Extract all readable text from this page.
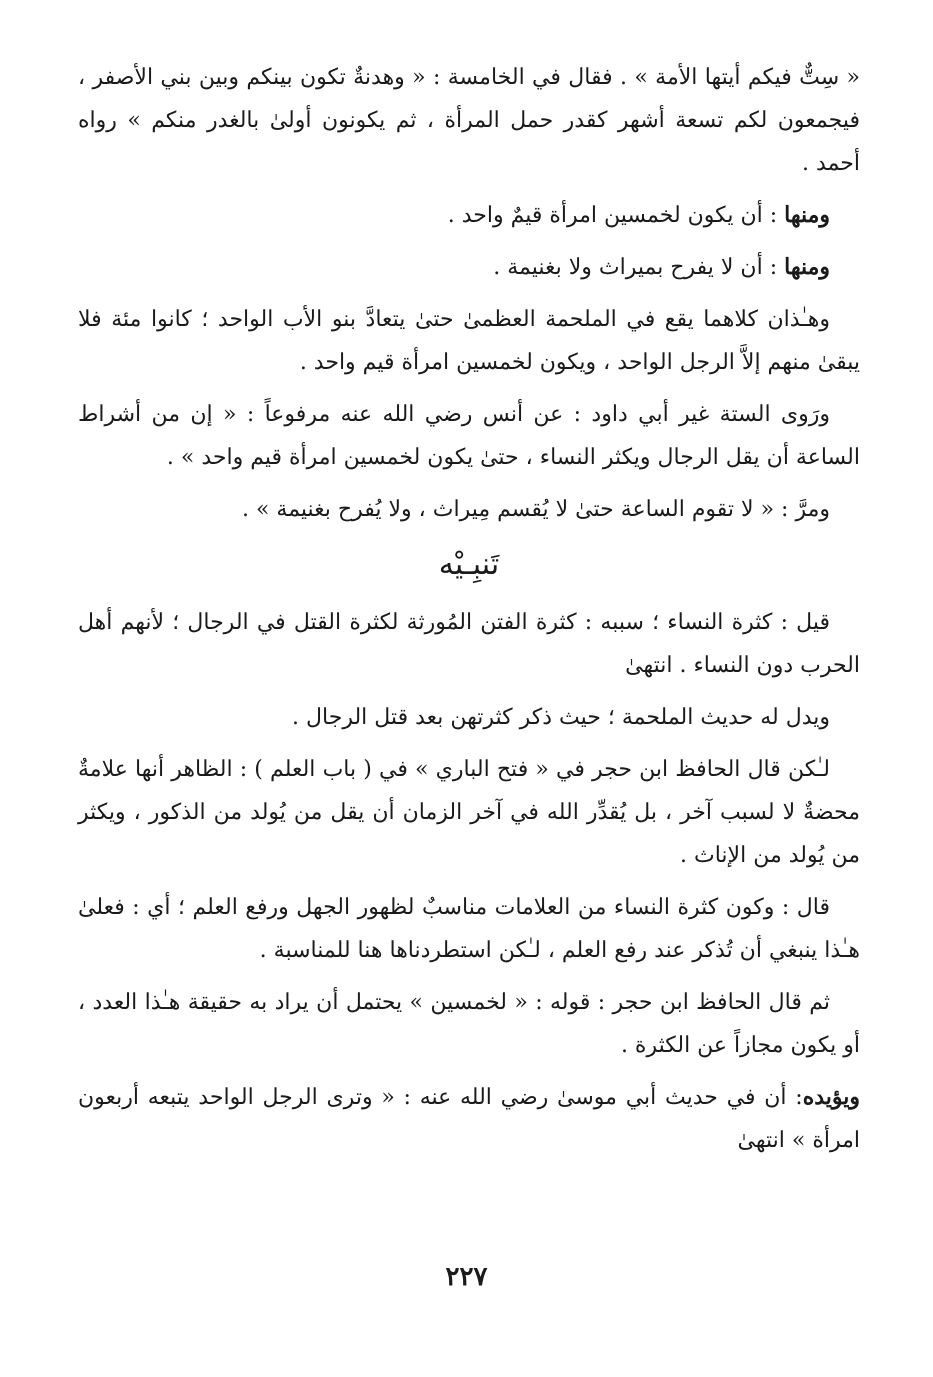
« سِتٌّ فيكم أيتها الأمة » . فقال في الخامسة : « وهدنةٌ تكون بينكم وبين بني الأصفر ، فيجمعون لكم تسعة أشهر كقدر حمل المرأة ، ثم يكونون أولىٰ بالغدر منكم » رواه أحمد .

ومنها : أن يكون لخمسين امرأة قيمٌ واحد .

ومنها : أن لا يفرح بميراث ولا بغنيمة .

وهـٰذان كلاهما يقع في الملحمة العظمىٰ حتىٰ يتعادَّ بنو الأب الواحد ؛ كانوا مئة فلا يبقىٰ منهم إلاَّ الرجل الواحد ، ويكون لخمسين امرأة قيم واحد .

ورَوى الستة غير أبي داود : عن أنس رضي الله عنه مرفوعاً : « إن من أشراط الساعة أن يقل الرجال ويكثر النساء ، حتىٰ يكون لخمسين امرأة قيم واحد » .

ومرَّ : « لا تقوم الساعة حتىٰ لا يُقسم مِيراث ، ولا يُفرح بغنيمة » .

تَنبِـيْه

قيل : كثرة النساء ؛ سببه : كثرة الفتن المُورثة لكثرة القتل في الرجال ؛ لأنهم أهل الحرب دون النساء . انتهىٰ

ويدل له حديث الملحمة ؛ حيث ذكر كثرتهن بعد قتل الرجال .

لـٰكن قال الحافظ ابن حجر في « فتح الباري » في ( باب العلم ) : الظاهر أنها علامةٌ محضةٌ لا لسبب آخر ، بل يُقدِّر الله في آخر الزمان أن يقل من يُولد من الذكور ، ويكثر من يُولد من الإناث .

قال : وكون كثرة النساء من العلامات مناسبٌ لظهور الجهل ورفع العلم ؛ أي : فعلىٰ هـٰذا ينبغي أن تُذكر عند رفع العلم ، لـٰكن استطردناها هنا للمناسبة .

ثم قال الحافظ ابن حجر : قوله : « لخمسين » يحتمل أن يراد به حقيقة هـٰذا العدد ، أو يكون مجازاً عن الكثرة .

ويؤيده: أن في حديث أبي موسىٰ رضي الله عنه : « وترى الرجل الواحد يتبعه أربعون امرأة » انتهىٰ

٢٢٧
